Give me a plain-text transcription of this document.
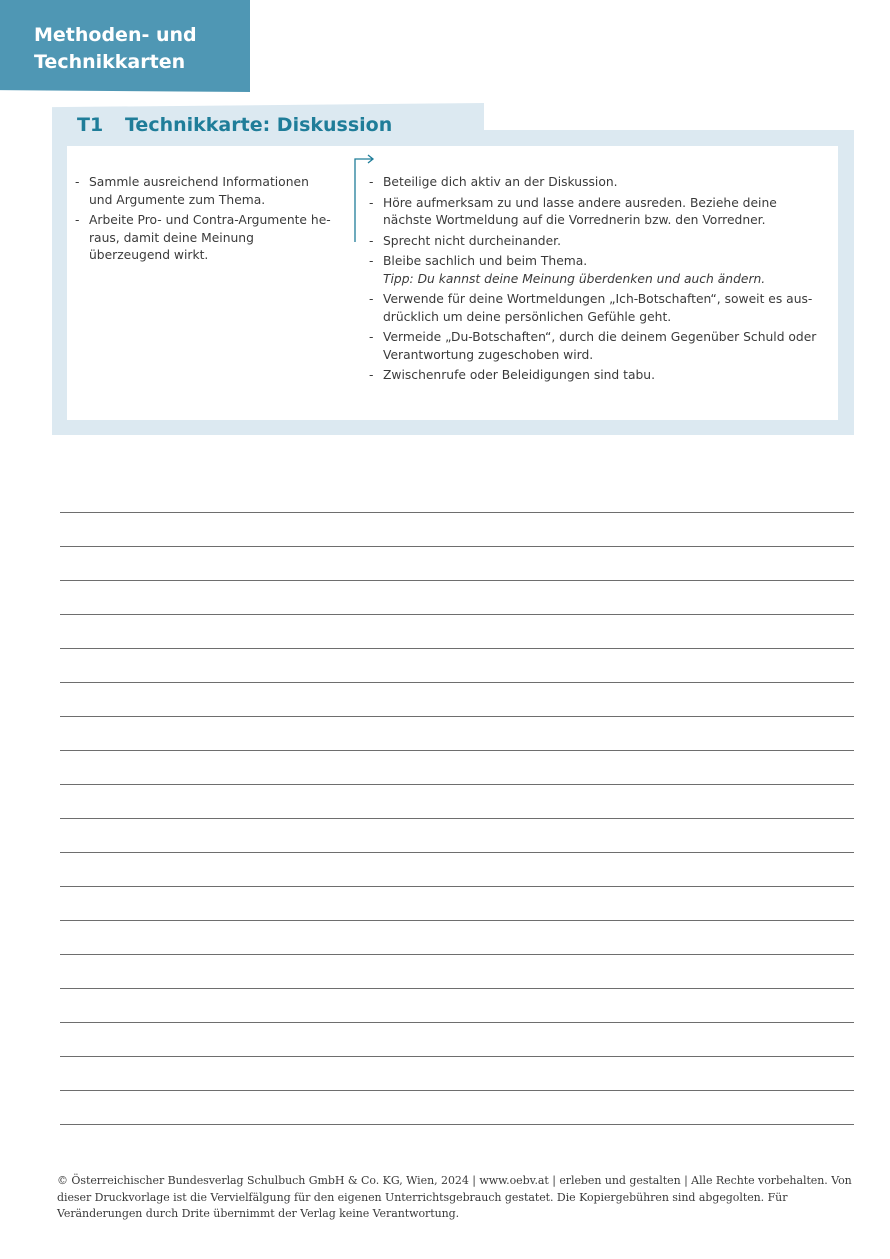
Methoden- und
Technikkarten
T1 Technikkarte: Diskussion
- Sammle ausreichend Informationen und Argumente zum Thema.
- Arbeite Pro- und Contra-Argumente he-raus, damit deine Meinung überzeugend wirkt.
- Beteilige dich aktiv an der Diskussion.
- Höre aufmerksam zu und lasse andere ausreden. Beziehe deine nächste Wortmeldung auf die Vorrednerin bzw. den Vorredner.
- Sprecht nicht durcheinander.
- Bleibe sachlich und beim Thema.
Tipp: Du kannst deine Meinung überdenken und auch ändern.
- Verwende für deine Wortmeldungen „Ich-Botschaften“, soweit es aus-drücklich um deine persönlichen Gefühle geht.
- Vermeide „Du-Botschaften“, durch die deinem Gegenüber Schuld oder Verantwortung zugeschoben wird.
- Zwischenrufe oder Beleidigungen sind tabu.

© Österreichischer Bundesverlag Schulbuch GmbH & Co. KG, Wien, 2024 | www.oebv.at | erleben und gestalten | Alle Rechte vorbehalten. Von dieser Druckvorlage ist die Vervielfälgung für den eigenen Unterrichtsgebrauch gestatet. Die Kopiergebühren sind abgegolten. Für Veränderungen durch Drite übernimmt der Verlag keine Verantwortung.
